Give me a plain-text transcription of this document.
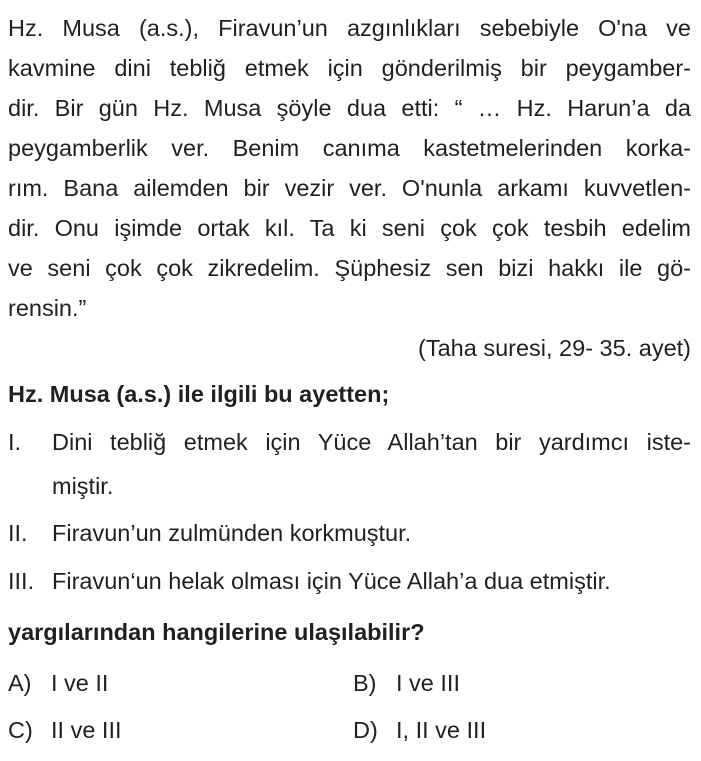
Hz. Musa (a.s.), Firavun’un azgınlıkları sebebiyle O'na ve
kavmine dini tebliğ etmek için gönderilmiş bir peygamber-
dir. Bir gün Hz. Musa şöyle dua etti: “ … Hz. Harun’a da
peygamberlik ver. Benim canıma kastetmelerinden korka-
rım. Bana ailemden bir vezir ver. O'nunla arkamı kuvvetlen-
dir. Onu işimde ortak kıl. Ta ki seni çok çok tesbih edelim
ve seni çok çok zikredelim. Şüphesiz sen bizi hakkı ile gö-
rensin.”
(Taha suresi, 29- 35. ayet)
Hz. Musa (a.s.) ile ilgili bu ayetten;
I. Dini tebliğ etmek için Yüce Allah’tan bir yardımcı iste-
miştir.
II. Firavun’un zulmünden korkmuştur.
III. Firavun‘un helak olması için Yüce Allah’a dua etmiştir.
yargılarından hangilerine ulaşılabilir?
A) I ve II	B) I ve III
C) II ve III	D) I, II ve III
